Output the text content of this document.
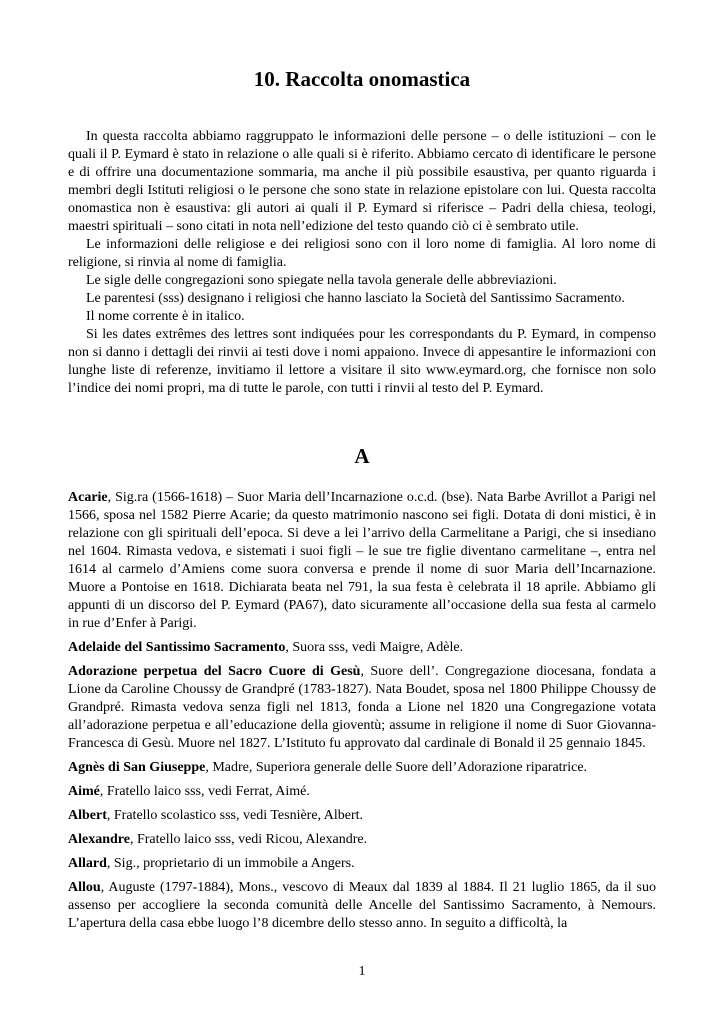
10. Raccolta onomastica

In questa raccolta abbiamo raggruppato le informazioni delle persone – o delle istituzioni – con le quali il P. Eymard è stato in relazione o alle quali si è riferito. Abbiamo cercato di identificare le persone e di offrire una documentazione sommaria, ma anche il più possibile esaustiva, per quanto riguarda i membri degli Istituti religiosi o le persone che sono state in relazione epistolare con lui. Questa raccolta onomastica non è esaustiva: gli autori ai quali il P. Eymard si riferisce – Padri della chiesa, teologi, maestri spirituali – sono citati in nota nell’edizione del testo quando ciò ci è sembrato utile.

Le informazioni delle religiose e dei religiosi sono con il loro nome di famiglia. Al loro nome di religione, si rinvia al nome di famiglia.

Le sigle delle congregazioni sono spiegate nella tavola generale delle abbreviazioni.

Le parentesi (sss) designano i religiosi che hanno lasciato la Società del Santissimo Sacramento.

Il nome corrente è in italico.

Si les dates extrêmes des lettres sont indiquées pour les correspondants du P. Eymard, in compenso non si danno i dettagli dei rinvii ai testi dove i nomi appaiono. Invece di appesantire le informazioni con lunghe liste di referenze, invitiamo il lettore a visitare il sito www.eymard.org, che fornisce non solo l’indice dei nomi propri, ma di tutte le parole, con tutti i rinvii al testo del P. Eymard.

A

Acarie, Sig.ra (1566-1618) – Suor Maria dell’Incarnazione o.c.d. (bse). Nata Barbe Avrillot a Parigi nel 1566, sposa nel 1582 Pierre Acarie; da questo matrimonio nascono sei figli. Dotata di doni mistici, è in relazione con gli spirituali dell’epoca. Si deve a lei l’arrivo della Carmelitane a Parigi, che si insediano nel 1604. Rimasta vedova, e sistemati i suoi figli – le sue tre figlie diventano carmelitane –, entra nel 1614 al carmelo d’Amiens come suora conversa e prende il nome di suor Maria dell’Incarnazione. Muore a Pontoise en 1618. Dichiarata beata nel 791, la sua festa è celebrata il 18 aprile. Abbiamo gli appunti di un discorso del P. Eymard (PA67), dato sicuramente all’occasione della sua festa al carmelo in rue d’Enfer à Parigi.

Adelaide del Santissimo Sacramento, Suora sss, vedi Maigre, Adèle.

Adorazione perpetua del Sacro Cuore di Gesù, Suore dell’. Congregazione diocesana, fondata a Lione da Caroline Choussy de Grandpré (1783-1827). Nata Boudet, sposa nel 1800 Philippe Choussy de Grandpré. Rimasta vedova senza figli nel 1813, fonda a Lione nel 1820 una Congregazione votata all’adorazione perpetua e all’educazione della gioventù; assume in religione il nome di Suor Giovanna-Francesca di Gesù. Muore nel 1827. L’Istituto fu approvato dal cardinale di Bonald il 25 gennaio 1845.

Agnès di San Giuseppe, Madre, Superiora generale delle Suore dell’Adorazione riparatrice.

Aimé, Fratello laico sss, vedi Ferrat, Aimé.

Albert, Fratello scolastico sss, vedi Tesnière, Albert.

Alexandre, Fratello laico sss, vedi Ricou, Alexandre.

Allard, Sig., proprietario di un immobile a Angers.

Allou, Auguste (1797-1884), Mons., vescovo di Meaux dal 1839 al 1884. Il 21 luglio 1865, da il suo assenso per accogliere la seconda comunità delle Ancelle del Santissimo Sacramento, à Nemours. L’apertura della casa ebbe luogo l’8 dicembre dello stesso anno. In seguito a difficoltà, la

1
